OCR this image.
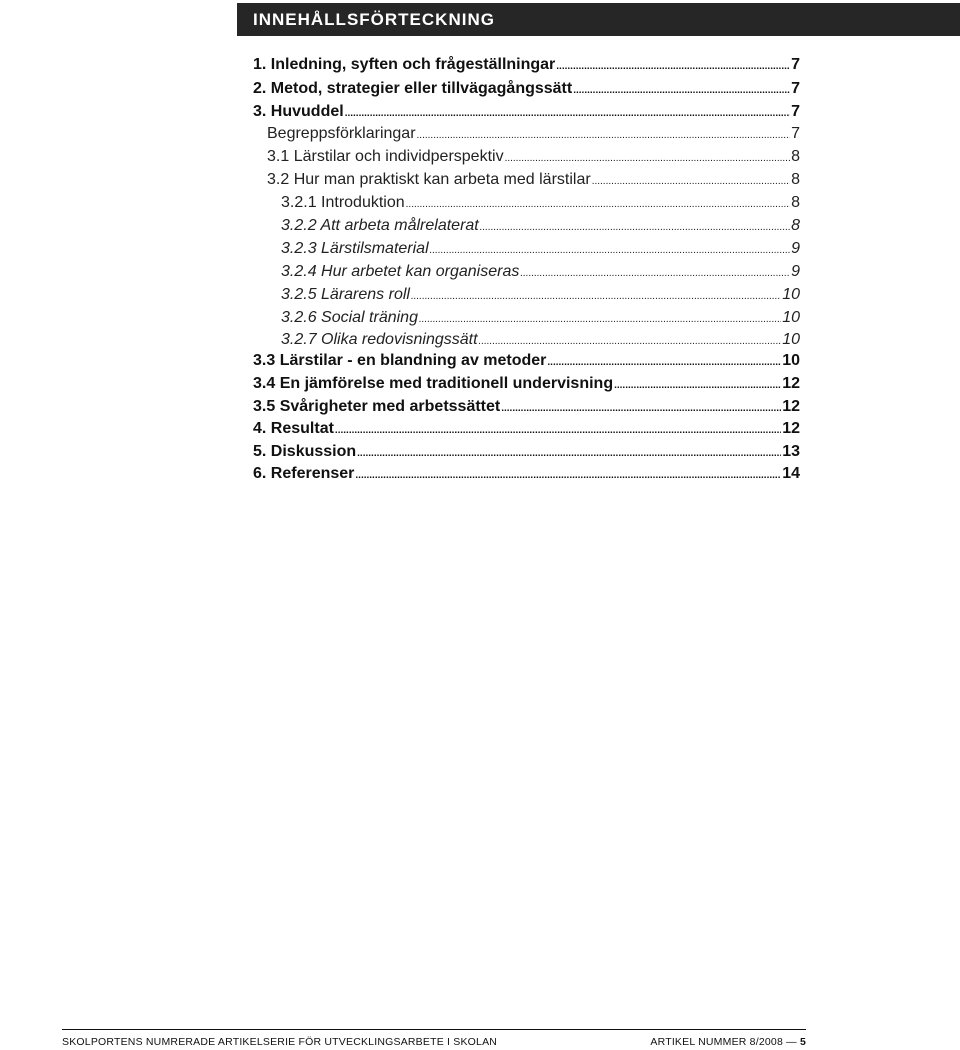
INNEHÅLLSFÖRTECKNING
1. Inledning, syften och frågeställningar .....	7
2. Metod, strategier eller tillvägagångssätt .....	7
3. Huvuddel .....	7
Begreppsförklaringar .....	7
3.1 Lärstilar och individperspektiv .....	8
3.2 Hur man praktiskt kan arbeta med lärstilar .....	8
3.2.1 Introduktion .....	8
3.2.2 Att arbeta målrelaterat .....	8
3.2.3 Lärstilsmaterial .....	9
3.2.4 Hur arbetet kan organiseras .....	9
3.2.5 Lärarens roll .....	10
3.2.6 Social träning .....	10
3.2.7 Olika redovisningssätt .....	10
3.3 Lärstilar - en blandning av metoder .....	10
3.4 En jämförelse med traditionell undervisning .....	12
3.5 Svårigheter med arbetssättet .....	12
4. Resultat .....	12
5. Diskussion .....	13
6. Referenser .....	14
SKOLPORTENS NUMRERADE ARTIKELSERIE FÖR UTVECKLINGSARBETE I SKOLAN	ARTIKEL NUMMER 8/2008 — 5
